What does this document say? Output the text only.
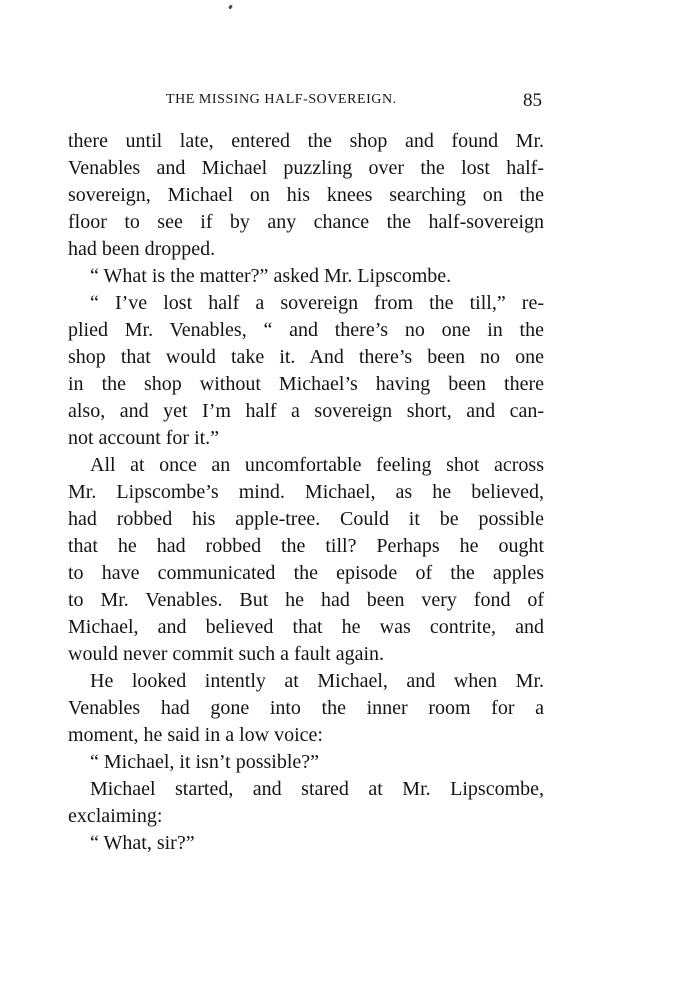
THE MISSING HALF-SOVEREIGN.	85
there until late, entered the shop and found Mr.
Venables and Michael puzzling over the lost half-
sovereign, Michael on his knees searching on the
floor to see if by any chance the half-sovereign
had been dropped.
“ What is the matter?” asked Mr. Lipscombe.
“ I’ve lost half a sovereign from the till,” re-
plied Mr. Venables, “ and there’s no one in the
shop that would take it. And there’s been no one
in the shop without Michael’s having been there
also, and yet I’m half a sovereign short, and can-
not account for it.”
All at once an uncomfortable feeling shot across
Mr. Lipscombe’s mind. Michael, as he believed,
had robbed his apple-tree. Could it be possible
that he had robbed the till? Perhaps he ought
to have communicated the episode of the apples
to Mr. Venables. But he had been very fond of
Michael, and believed that he was contrite, and
would never commit such a fault again.
He looked intently at Michael, and when Mr.
Venables had gone into the inner room for a
moment, he said in a low voice:
“ Michael, it isn’t possible?”
Michael started, and stared at Mr. Lipscombe,
exclaiming:
“ What, sir?”
